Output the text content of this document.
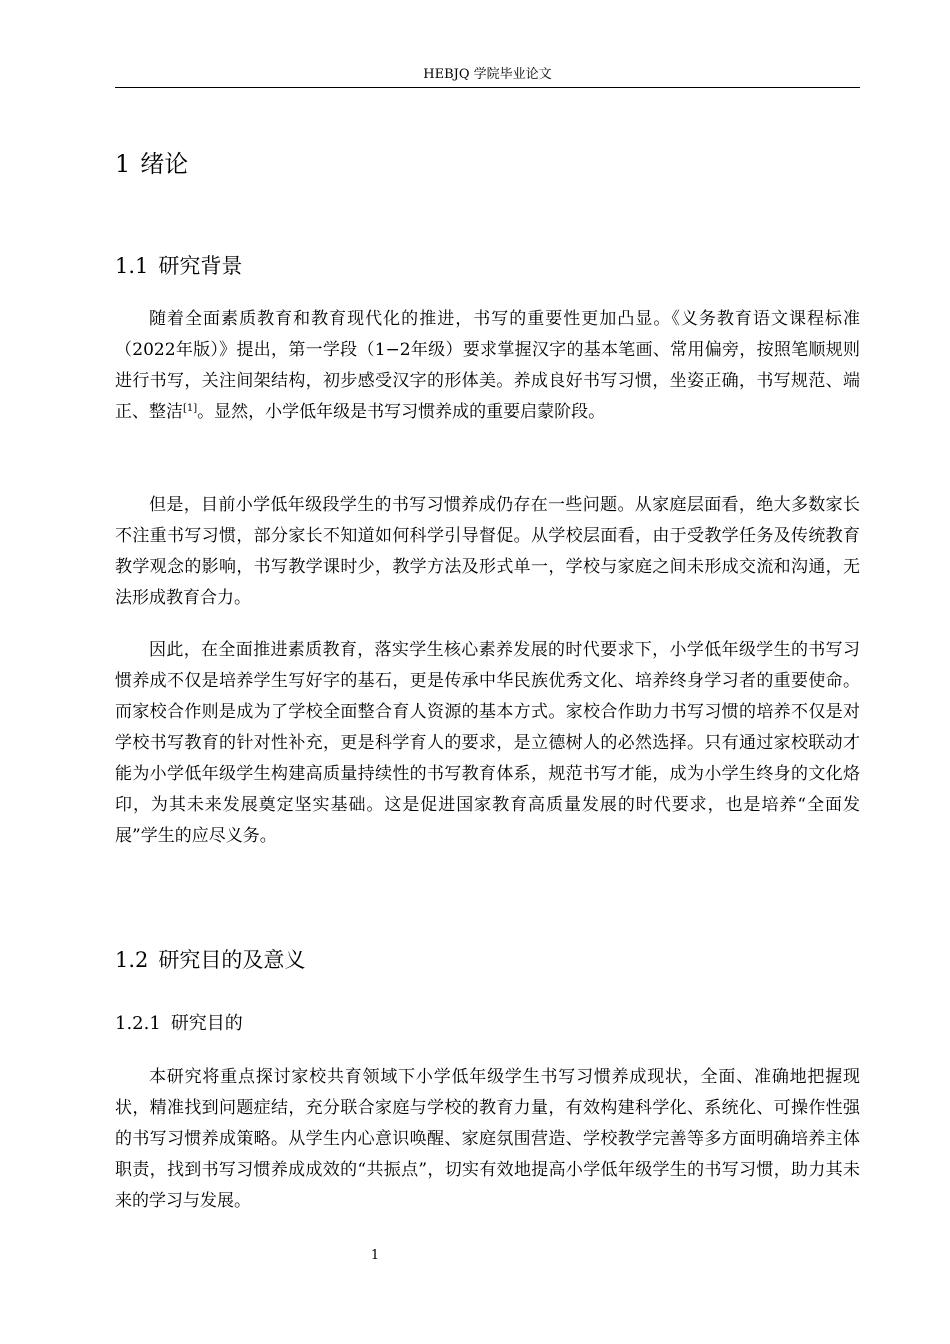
HEBJQ 学院毕业论文
1 绪论
1.1 研究背景

随着全面素质教育和教育现代化的推进，书写的重要性更加凸显。《义务教育语文课程标准（2022年版）》提出，第一学段（1−2年级）要求掌握汉字的基本笔画、常用偏旁，按照笔顺规则进行书写，关注间架结构，初步感受汉字的形体美。养成良好书写习惯，坐姿正确，书写规范、端正、整洁[1]。显然，小学低年级是书写习惯养成的重要启蒙阶段。

但是，目前小学低年级段学生的书写习惯养成仍存在一些问题。从家庭层面看，绝大多数家长不注重书写习惯，部分家长不知道如何科学引导督促。从学校层面看，由于受教学任务及传统教育教学观念的影响，书写教学课时少，教学方法及形式单一，学校与家庭之间未形成交流和沟通，无法形成教育合力。

因此，在全面推进素质教育，落实学生核心素养发展的时代要求下，小学低年级学生的书写习惯养成不仅是培养学生写好字的基石，更是传承中华民族优秀文化、培养终身学习者的重要使命。而家校合作则是成为了学校全面整合育人资源的基本方式。家校合作助力书写习惯的培养不仅是对学校书写教育的针对性补充，更是科学育人的要求，是立德树人的必然选择。只有通过家校联动才能为小学低年级学生构建高质量持续性的书写教育体系，规范书写才能，成为小学生终身的文化烙印，为其未来发展奠定坚实基础。这是促进国家教育高质量发展的时代要求，也是培养“全面发展”学生的应尽义务。

1.2 研究目的及意义
1.2.1 研究目的

本研究将重点探讨家校共育领域下小学低年级学生书写习惯养成现状，全面、准确地把握现状，精准找到问题症结，充分联合家庭与学校的教育力量，有效构建科学化、系统化、可操作性强的书写习惯养成策略。从学生内心意识唤醒、家庭氛围营造、学校教学完善等多方面明确培养主体职责，找到书写习惯养成成效的“共振点”，切实有效地提高小学低年级学生的书写习惯，助力其未来的学习与发展。

1
